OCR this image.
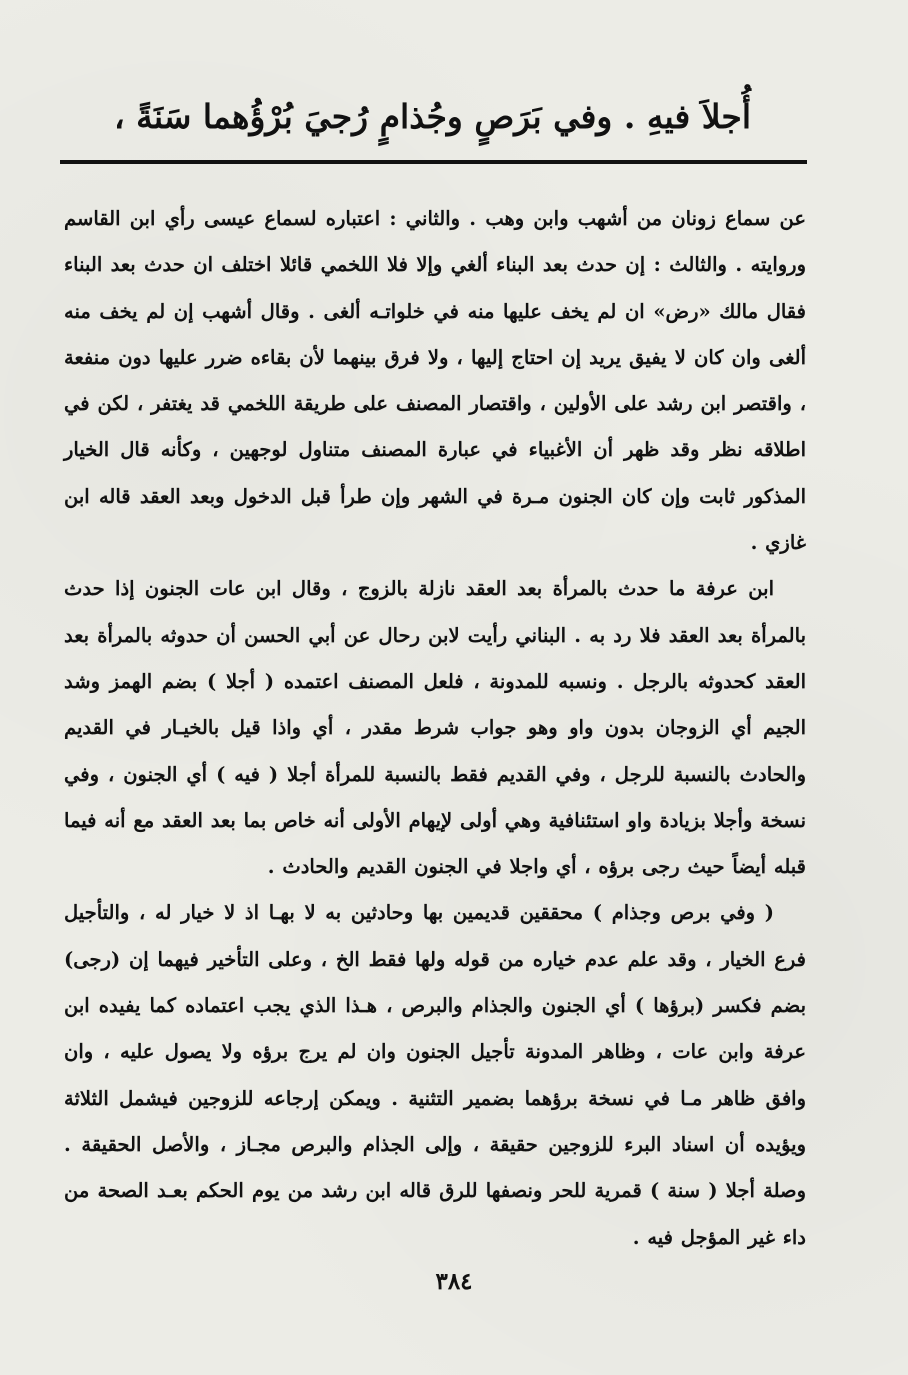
أُجلاَ فيهِ . وفي بَرَصٍ وجُذامٍ رُجيَ بُرْؤُهما سَنَةً ،

عن سماع زونان من أشهب وابن وهب . والثاني : اعتباره لسماع عيسى رأي ابن القاسم وروايته . والثالث : إن حدث بعد البناء ألغي وإلا فلا اللخمي قائلا اختلف ان حدث بعد البناء فقال مالك «رض» ان لم يخف عليها منه في خلواتـه ألغى . وقال أشهب إن لم يخف منه ألغى وان كان لا يفيق يريد إن احتاج إليها ، ولا فرق بينهما لأن بقاءه ضرر عليها دون منفعة ، واقتصر ابن رشد على الأولين ، واقتصار المصنف على طريقة اللخمي قد يغتفر ، لكن في اطلاقه نظر وقد ظهر أن الأغبياء في عبارة المصنف متناول لوجهين ، وكأنه قال الخيار المذكور ثابت وإن كان الجنون مـرة في الشهر وإن طرأ قبل الدخول وبعد العقد قاله ابن غازي .

ابن عرفة ما حدث بالمرأة بعد العقد نازلة بالزوج ، وقال ابن عات الجنون إذا حدث بالمرأة بعد العقد فلا رد به . البناني رأيت لابن رحال عن أبي الحسن أن حدوثه بالمرأة بعد العقد كحدوثه بالرجل . ونسبه للمدونة ، فلعل المصنف اعتمده ( أجلا ) بضم الهمز وشد الجيم أي الزوجان بدون واو وهو جواب شرط مقدر ، أي واذا قيل بالخيـار في القديم والحادث بالنسبة للرجل ، وفي القديم فقط بالنسبة للمرأة أجلا ( فيه ) أي الجنون ، وفي نسخة وأجلا بزيادة واو استئنافية وهي أولى لإيهام الأولى أنه خاص بما بعد العقد مع أنه فيما قبله أيضاً حيث رجى برؤه ، أي واجلا في الجنون القديم والحادث .

( وفي برص وجذام ) محققين قديمين بها وحادثين به لا بهـا اذ لا خيار له ، والتأجيل فرع الخيار ، وقد علم عدم خياره من قوله ولها فقط الخ ، وعلى التأخير فيهما إن (رجى) بضم فكسر (برؤها ) أي الجنون والجذام والبرص ، هـذا الذي يجب اعتماده كما يفيده ابن عرفة وابن عات ، وظاهر المدونة تأجيل الجنون وان لم يرج برؤه ولا يصول عليه ، وان وافق ظاهر مـا في نسخة برؤهما بضمير التثنية . ويمكن إرجاعه للزوجين فيشمل الثلاثة ويؤيده أن اسناد البرء للزوجين حقيقة ، وإلى الجذام والبرص مجـاز ، والأصل الحقيقة . وصلة أجلا ( سنة ) قمرية للحر ونصفها للرق قاله ابن رشد من يوم الحكم بعـد الصحة من داء غير المؤجل فيه .

٣٨٤
